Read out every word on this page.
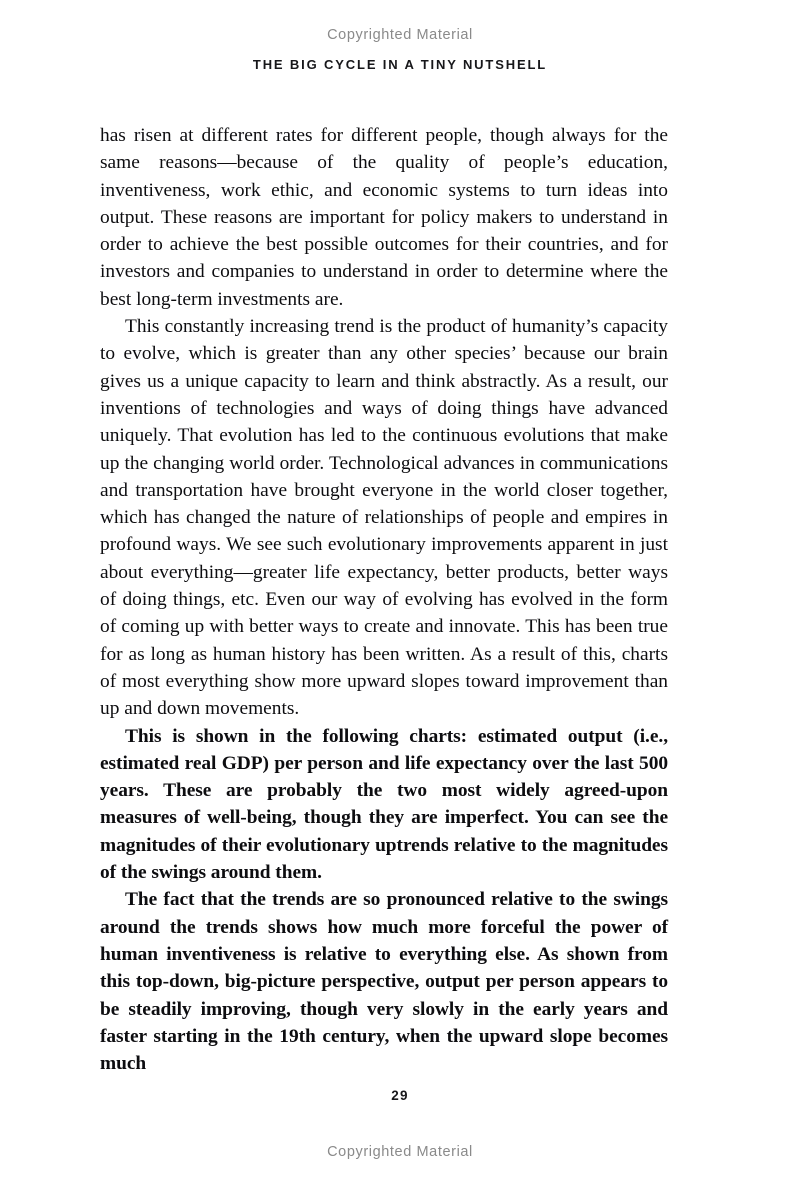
Copyrighted Material
THE BIG CYCLE IN A TINY NUTSHELL

has risen at different rates for different people, though always for the same reasons—because of the quality of people’s education, inventiveness, work ethic, and economic systems to turn ideas into output. These reasons are important for policy makers to understand in order to achieve the best possible outcomes for their countries, and for investors and companies to understand in order to determine where the best long-term investments are.

This constantly increasing trend is the product of humanity’s capacity to evolve, which is greater than any other species’ because our brain gives us a unique capacity to learn and think abstractly. As a result, our inventions of technologies and ways of doing things have advanced uniquely. That evolution has led to the continuous evolutions that make up the changing world order. Technological advances in communications and transportation have brought everyone in the world closer together, which has changed the nature of relationships of people and empires in profound ways. We see such evolutionary improvements apparent in just about everything—greater life expectancy, better products, better ways of doing things, etc. Even our way of evolving has evolved in the form of coming up with better ways to create and innovate. This has been true for as long as human history has been written. As a result of this, charts of most everything show more upward slopes toward improvement than up and down movements.

This is shown in the following charts: estimated output (i.e., estimated real GDP) per person and life expectancy over the last 500 years. These are probably the two most widely agreed-upon measures of well-being, though they are imperfect. You can see the magnitudes of their evolutionary uptrends relative to the magnitudes of the swings around them.

The fact that the trends are so pronounced relative to the swings around the trends shows how much more forceful the power of human inventiveness is relative to everything else. As shown from this top-down, big-picture perspective, output per person appears to be steadily improving, though very slowly in the early years and faster starting in the 19th century, when the upward slope becomes much

29
Copyrighted Material
